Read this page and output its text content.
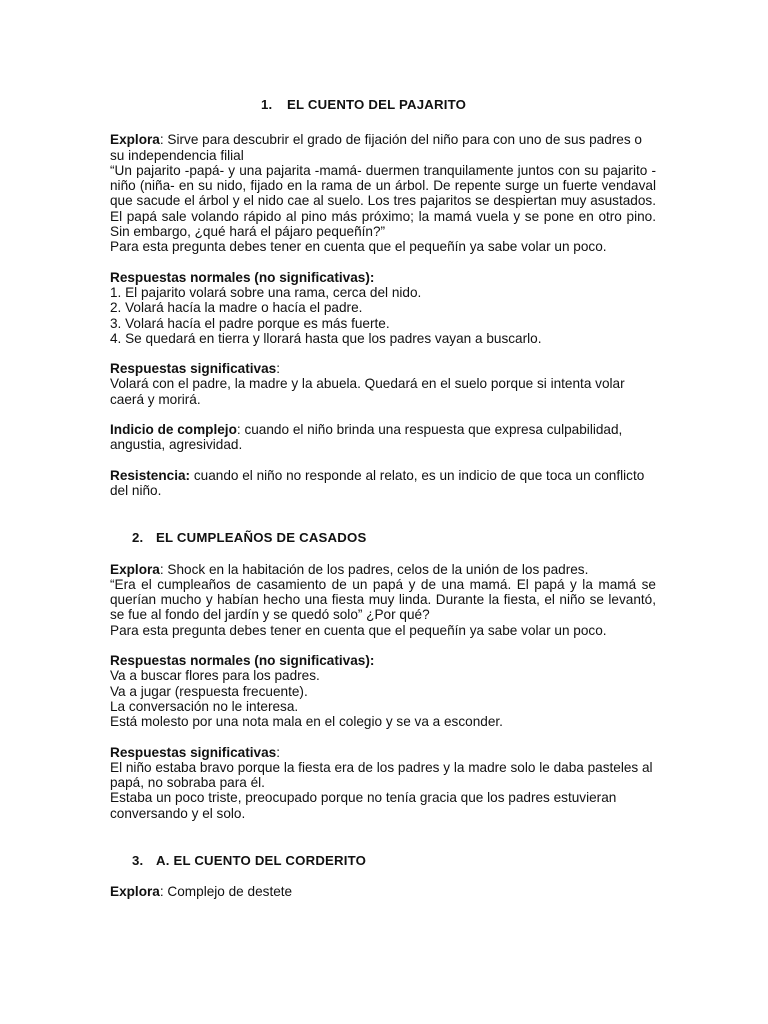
1. EL CUENTO DEL PAJARITO

Explora: Sirve para descubrir el grado de fijación del niño para con uno de sus padres o su independencia filial

“Un pajarito -papá- y una pajarita -mamá- duermen tranquilamente juntos con su pajarito -niño (niña- en su nido, fijado en la rama de un árbol. De repente surge un fuerte vendaval que sacude el árbol y el nido cae al suelo. Los tres pajaritos se despiertan muy asustados. El papá sale volando rápido al pino más próximo; la mamá vuela y se pone en otro pino. Sin embargo, ¿qué hará el pájaro pequeñín?”

Para esta pregunta debes tener en cuenta que el pequeñín ya sabe volar un poco.

Respuestas normales (no significativas):

1. El pajarito volará sobre una rama, cerca del nido.
2. Volará hacía la madre o hacía el padre.
3. Volará hacía el padre porque es más fuerte.
4. Se quedará en tierra y llorará hasta que los padres vayan a buscarlo.

Respuestas significativas:

Volará con el padre, la madre y la abuela. Quedará en el suelo porque si intenta volar caerá y morirá.

Indicio de complejo: cuando el niño brinda una respuesta que expresa culpabilidad, angustia, agresividad.

Resistencia: cuando el niño no responde al relato, es un indicio de que toca un conflicto del niño.

2. EL CUMPLEAÑOS DE CASADOS

Explora: Shock en la habitación de los padres, celos de la unión de los padres.

“Era el cumpleaños de casamiento de un papá y de una mamá. El papá y la mamá se querían mucho y habían hecho una fiesta muy linda. Durante la fiesta, el niño se levantó, se fue al fondo del jardín y se quedó solo” ¿Por qué?

Para esta pregunta debes tener en cuenta que el pequeñín ya sabe volar un poco.

Respuestas normales (no significativas):

Va a buscar flores para los padres.
Va a jugar (respuesta frecuente).
La conversación no le interesa.
Está molesto por una nota mala en el colegio y se va a esconder.

Respuestas significativas:

El niño estaba bravo porque la fiesta era de los padres y la madre solo le daba pasteles al papá, no sobraba para él.

Estaba un poco triste, preocupado porque no tenía gracia que los padres estuvieran conversando y el solo.

3. A. EL CUENTO DEL CORDERITO

Explora: Complejo de destete
